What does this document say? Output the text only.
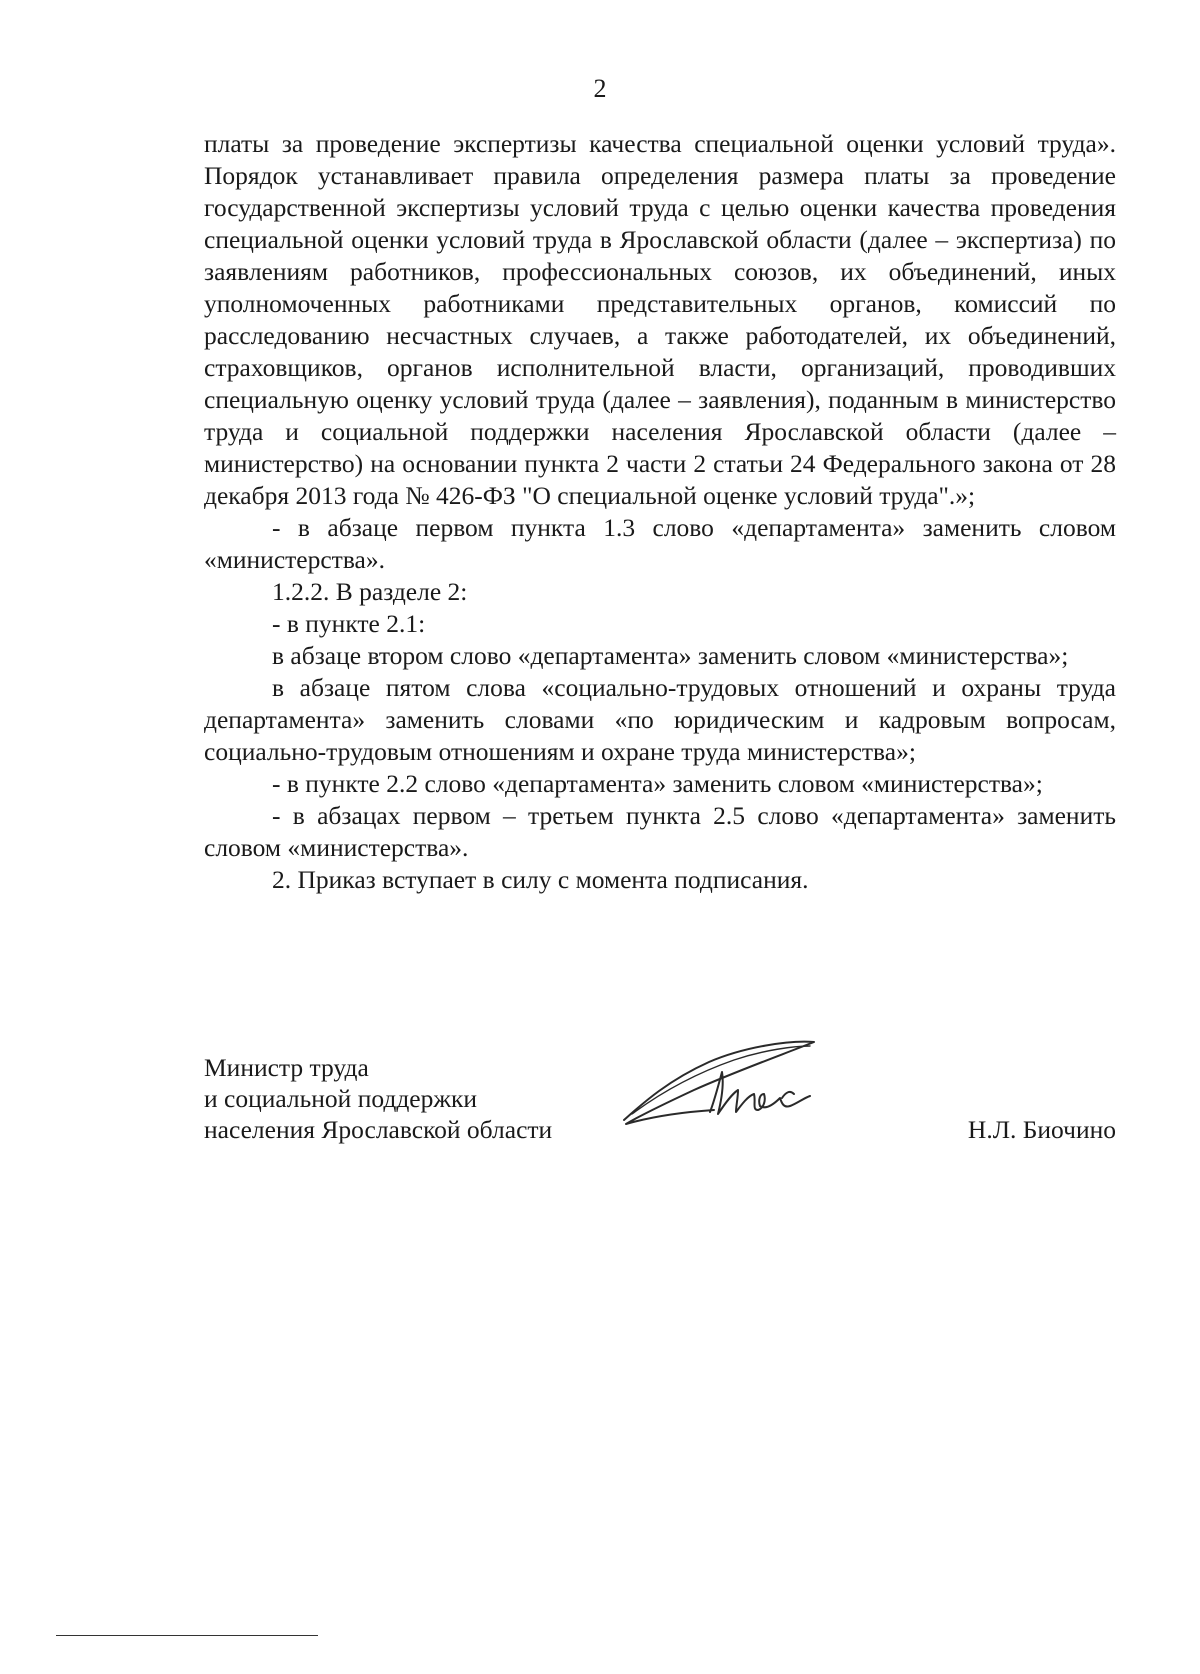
2

платы за проведение экспертизы качества специальной оценки условий труда». Порядок устанавливает правила определения размера платы за проведение государственной экспертизы условий труда с целью оценки качества проведения специальной оценки условий труда в Ярославской области (далее – экспертиза) по заявлениям работников, профессиональных союзов, их объединений, иных уполномоченных работниками представительных органов, комиссий по расследованию несчастных случаев, а также работодателей, их объединений, страховщиков, органов исполнительной власти, организаций, проводивших специальную оценку условий труда (далее – заявления), поданным в министерство труда и социальной поддержки населения Ярославской области (далее – министерство) на основании пункта 2 части 2 статьи 24 Федерального закона от 28 декабря 2013 года № 426-ФЗ "О специальной оценке условий труда".»;

- в абзаце первом пункта 1.3 слово «департамента» заменить словом «министерства».

1.2.2. В разделе 2:

- в пункте 2.1:

в абзаце втором слово «департамента» заменить словом «министерства»;

в абзаце пятом слова «социально-трудовых отношений и охраны труда департамента» заменить словами «по юридическим и кадровым вопросам, социально-трудовым отношениям и охране труда министерства»;

- в пункте 2.2 слово «департамента» заменить словом «министерства»;

- в абзацах первом – третьем пункта 2.5 слово «департамента» заменить словом «министерства».

2. Приказ вступает в силу с момента подписания.

Министр труда
и социальной поддержки
населения Ярославской области	Н.Л. Биочино
